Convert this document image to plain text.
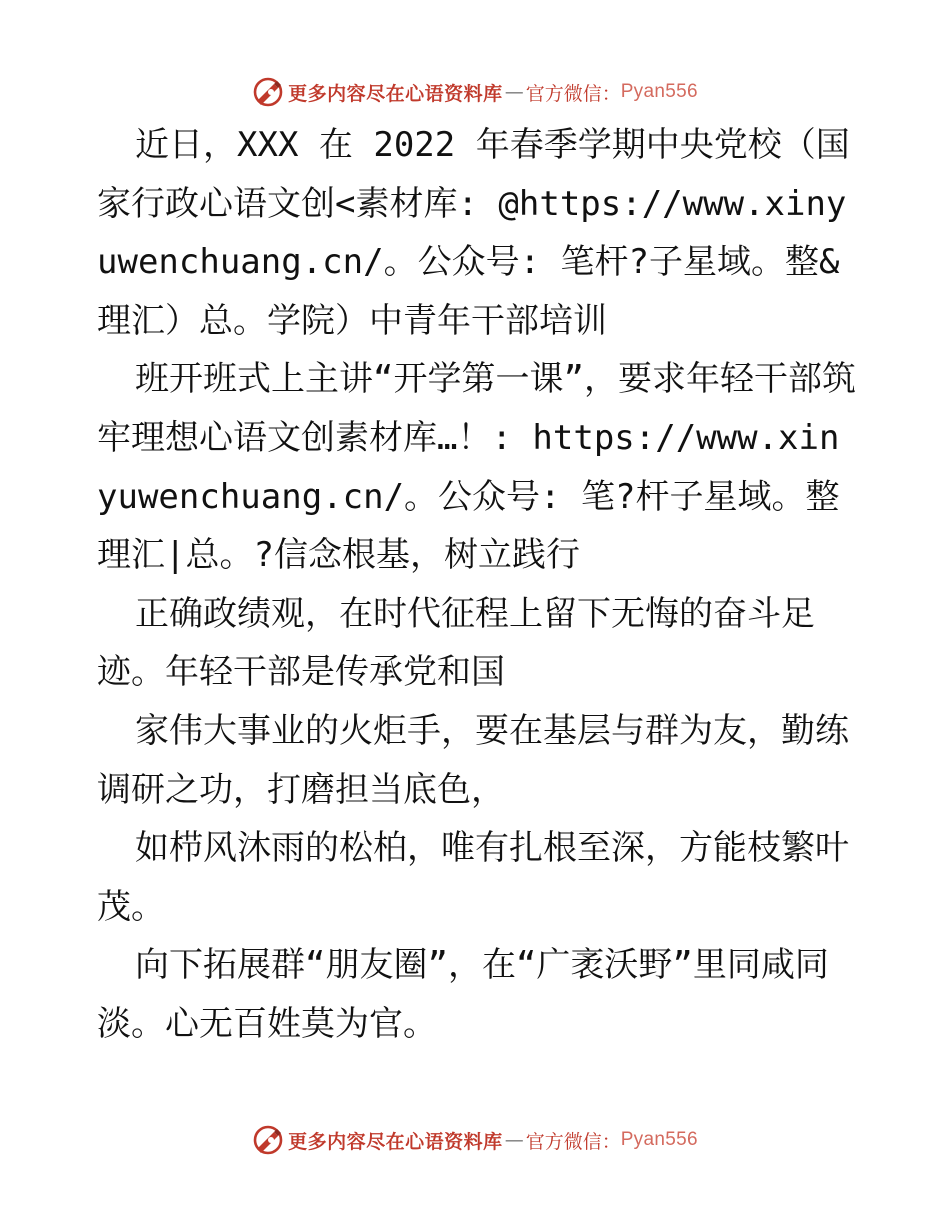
更多内容尽在心语资料库 — 官方微信： Pyan556

近日，XXX 在 2022 年春季学期中央党校（国家行政心语文创<素材库: @https://www.xinyuwenchuang.cn/。公众号: 笔杆?子星域。整&理汇）总。学院）中青年干部培训

班开班式上主讲“开学第一课”，要求年轻干部筑牢理想心语文创素材库…！: https://www.xinyuwenchuang.cn/。公众号: 笔?杆子星域。整理汇|总。?信念根基，树立践行

正确政绩观，在时代征程上留下无悔的奋斗足迹。年轻干部是传承党和国

家伟大事业的火炬手，要在基层与群为友，勤练调研之功，打磨担当底色，

如栉风沐雨的松柏，唯有扎根至深，方能枝繁叶茂。

向下拓展群“朋友圈”，在“广袤沃野”里同咸同淡。心无百姓莫为官。

更多内容尽在心语资料库 — 官方微信： Pyan556
